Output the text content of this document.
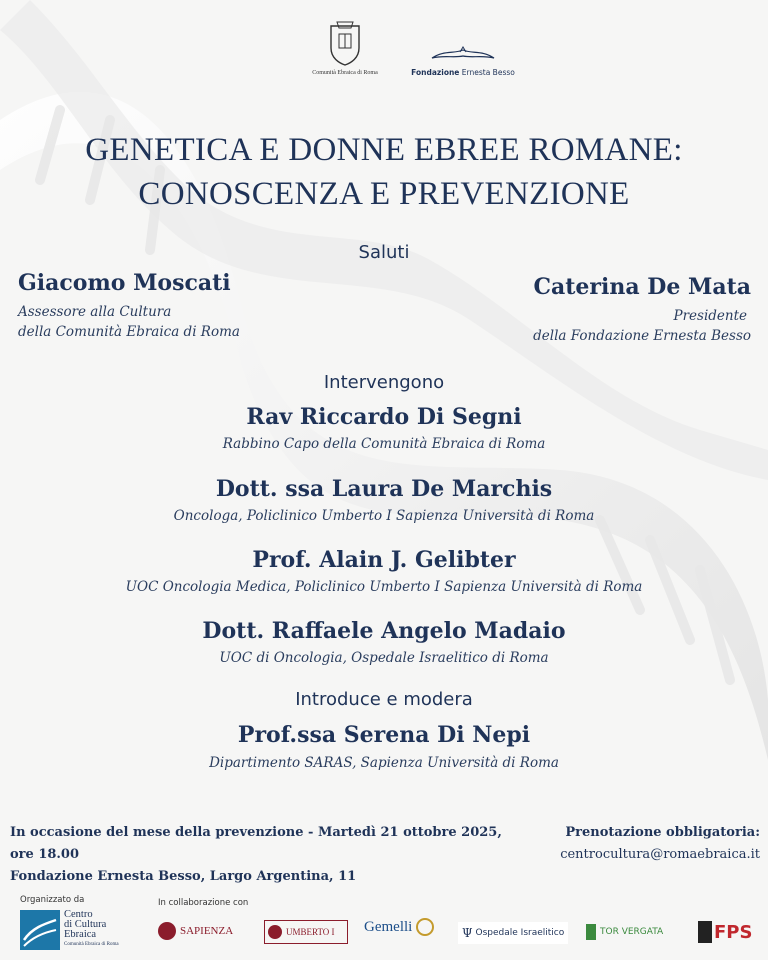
Comunità Ebraica di Roma	Fondazione Ernesta Besso
GENETICA E DONNE EBREE ROMANE:
CONOSCENZA E PREVENZIONE
Saluti
Giacomo Moscati
Assessore alla Cultura
della Comunità Ebraica di Roma
Caterina De Mata
Presidente
della Fondazione Ernesta Besso
Intervengono
Rav Riccardo Di Segni
Rabbino Capo della Comunità Ebraica di Roma
Dott. ssa Laura De Marchis
Oncologa, Policlinico Umberto I Sapienza Università di Roma
Prof. Alain J. Gelibter
UOC Oncologia Medica, Policlinico Umberto I Sapienza Università di Roma
Dott. Raffaele Angelo Madaio
UOC di Oncologia, Ospedale Israelitico di Roma
Introduce e modera
Prof.ssa Serena Di Nepi
Dipartimento SARAS, Sapienza Università di Roma
In occasione del mese della prevenzione - Martedì 21 ottobre 2025, ore 18.00
Fondazione Ernesta Besso, Largo Argentina, 11
Prenotazione obbligatoria:
centrocultura@romaebraica.it
Organizzato da
Centro
di Cultura
Ebraica
Comunità Ebraica di Roma
In collaborazione con
SAPIENZA	UMBERTO I Gemelli	Ψ Ospedale Israelitico	TOR VERGATA	FPS
